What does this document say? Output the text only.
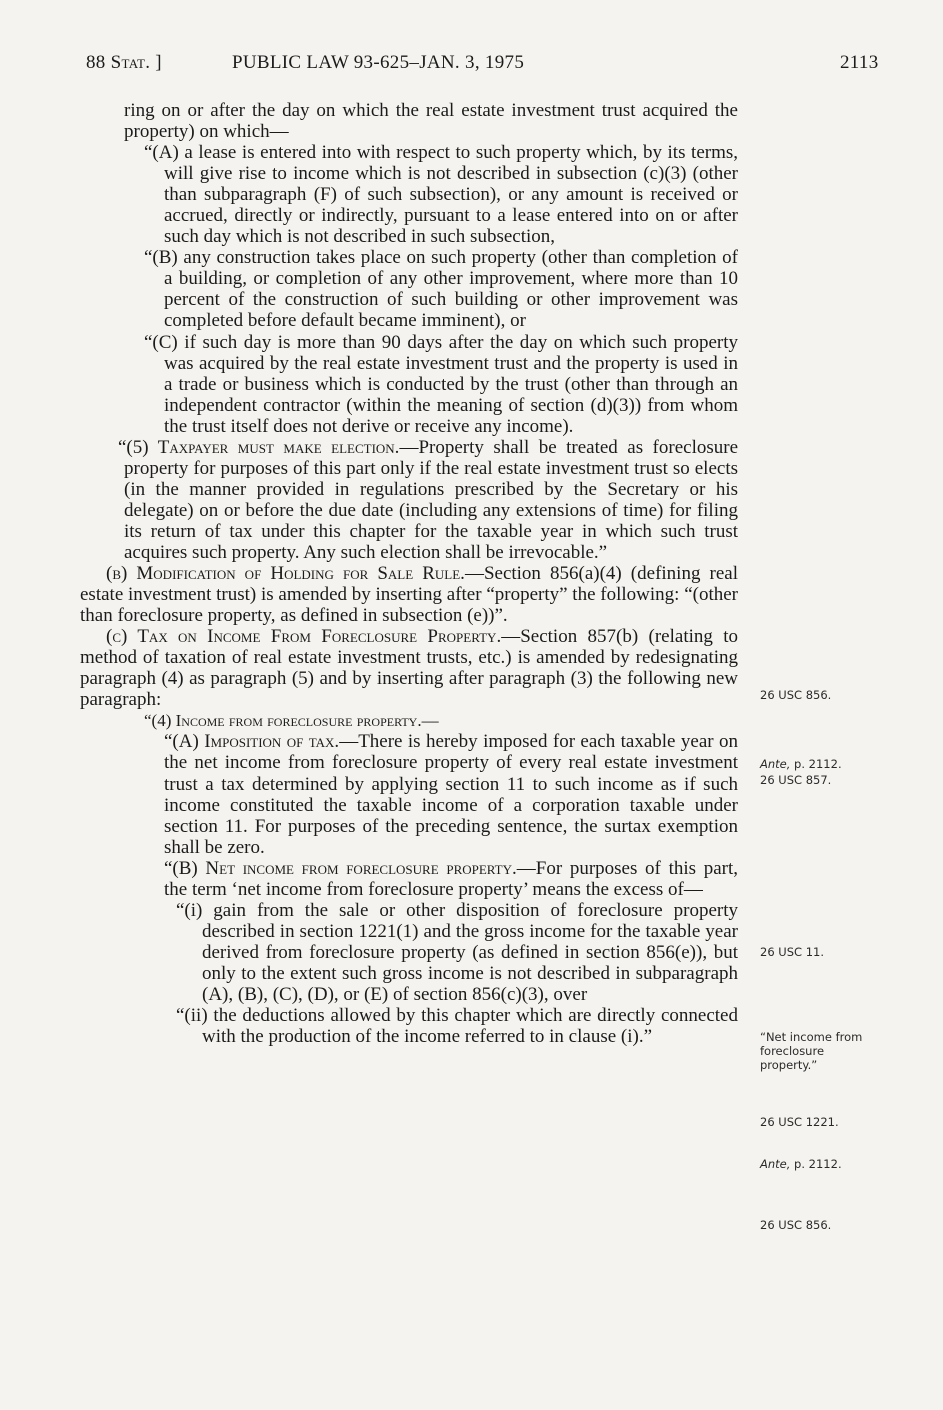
88 Stat. ]	PUBLIC LAW 93-625–JAN. 3, 1975	2113

ring on or after the day on which the real estate investment trust acquired the property) on which—

“(A) a lease is entered into with respect to such property which, by its terms, will give rise to income which is not described in subsection (c)(3) (other than subparagraph (F) of such subsection), or any amount is received or accrued, directly or indirectly, pursuant to a lease entered into on or after such day which is not described in such subsection,

“(B) any construction takes place on such property (other than completion of a building, or completion of any other improvement, where more than 10 percent of the construction of such building or other improvement was completed before default became imminent), or

“(C) if such day is more than 90 days after the day on which such property was acquired by the real estate investment trust and the property is used in a trade or business which is conducted by the trust (other than through an independent contractor (within the meaning of section (d)(3)) from whom the trust itself does not derive or receive any income).

“(5) Taxpayer must make election.—Property shall be treated as foreclosure property for purposes of this part only if the real estate investment trust so elects (in the manner provided in regulations prescribed by the Secretary or his delegate) on or before the due date (including any extensions of time) for filing its return of tax under this chapter for the taxable year in which such trust acquires such property. Any such election shall be irrevocable.”

(b) Modification of Holding for Sale Rule.—Section 856(a)(4) (defining real estate investment trust) is amended by inserting after “property” the following: “(other than foreclosure property, as defined in subsection (e))”.

(c) Tax on Income From Foreclosure Property.—Section 857(b) (relating to method of taxation of real estate investment trusts, etc.) is amended by redesignating paragraph (4) as paragraph (5) and by inserting after paragraph (3) the following new paragraph:

“(4) Income from foreclosure property.—

“(A) Imposition of tax.—There is hereby imposed for each taxable year on the net income from foreclosure property of every real estate investment trust a tax determined by applying section 11 to such income as if such income constituted the taxable income of a corporation taxable under section 11. For purposes of the preceding sentence, the surtax exemption shall be zero.

“(B) Net income from foreclosure property.—For purposes of this part, the term ‘net income from foreclosure property’ means the excess of—

“(i) gain from the sale or other disposition of foreclosure property described in section 1221(1) and the gross income for the taxable year derived from foreclosure property (as defined in section 856(e)), but only to the extent such gross income is not described in subparagraph (A), (B), (C), (D), or (E) of section 856(c)(3), over

“(ii) the deductions allowed by this chapter which are directly connected with the production of the income referred to in clause (i).”

26 USC 856.
Ante, p. 2112.
26 USC 857.
26 USC 11.
“Net income from foreclosure property.”
26 USC 1221.
Ante, p. 2112.
26 USC 856.
